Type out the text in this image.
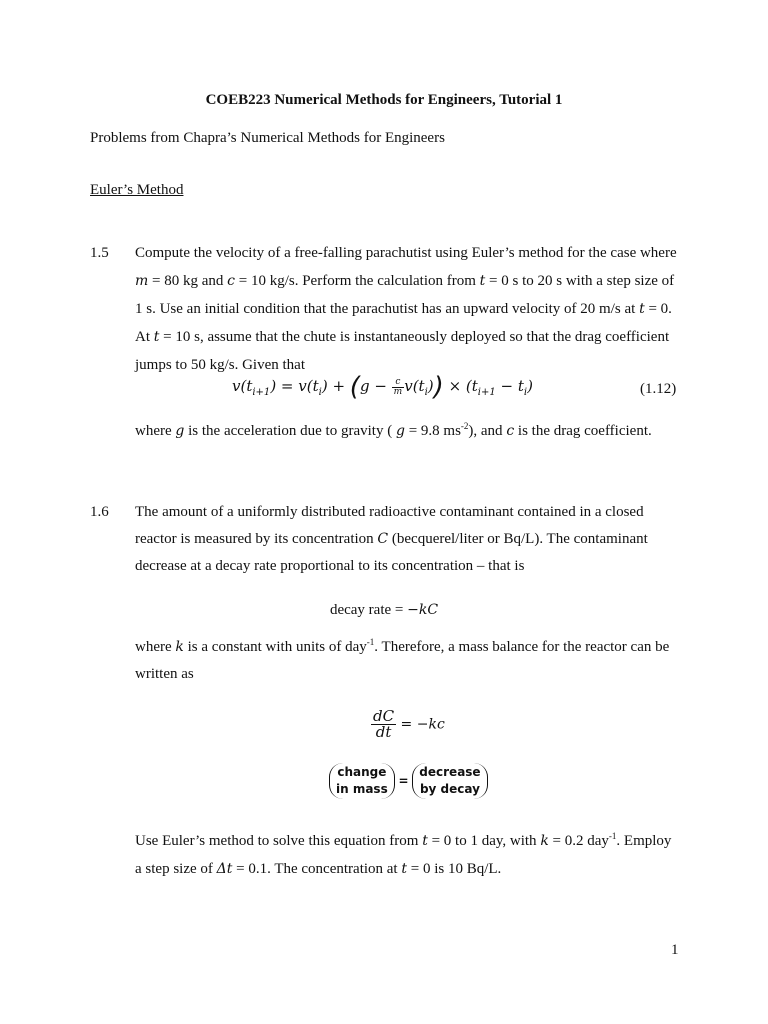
COEB223 Numerical Methods for Engineers, Tutorial 1
Problems from Chapra’s Numerical Methods for Engineers
Euler’s Method
1.5 Compute the velocity of a free-falling parachutist using Euler’s method for the case where
m = 80 kg and c = 10 kg/s. Perform the calculation from t = 0 s to 20 s with a step size of
1 s. Use an initial condition that the parachutist has an upward velocity of 20 m/s at t = 0.
At t = 10 s, assume that the chute is instantaneously deployed so that the drag coefficient
jumps to 50 kg/s. Given that
$v(t_{i+1}) = v(t_i) + (g - \frac{c}{m} v(t_i)) \times (t_{i+1} - t_i)$	(1.12)
where g is the acceleration due to gravity ( g = 9.8 $ms^{-2}$), and c is the drag coefficient.
1.6 The amount of a uniformly distributed radioactive contaminant contained in a closed
reactor is measured by its concentration C (becquerel/liter or Bq/L). The contaminant
decrease at a decay rate proportional to its concentration – that is
decay rate = −kC
where k is a constant with units of day$^{-1}$. Therefore, a mass balance for the reactor can be
written as
$\frac{dC}{dt} = -kc$
change
in mass = decrease
by decay
Use Euler’s method to solve this equation from t = 0 to 1 day, with k = 0.2 day$^{-1}$. Employ
a step size of Δt = 0.1. The concentration at t = 0 is 10 Bq/L.
1
